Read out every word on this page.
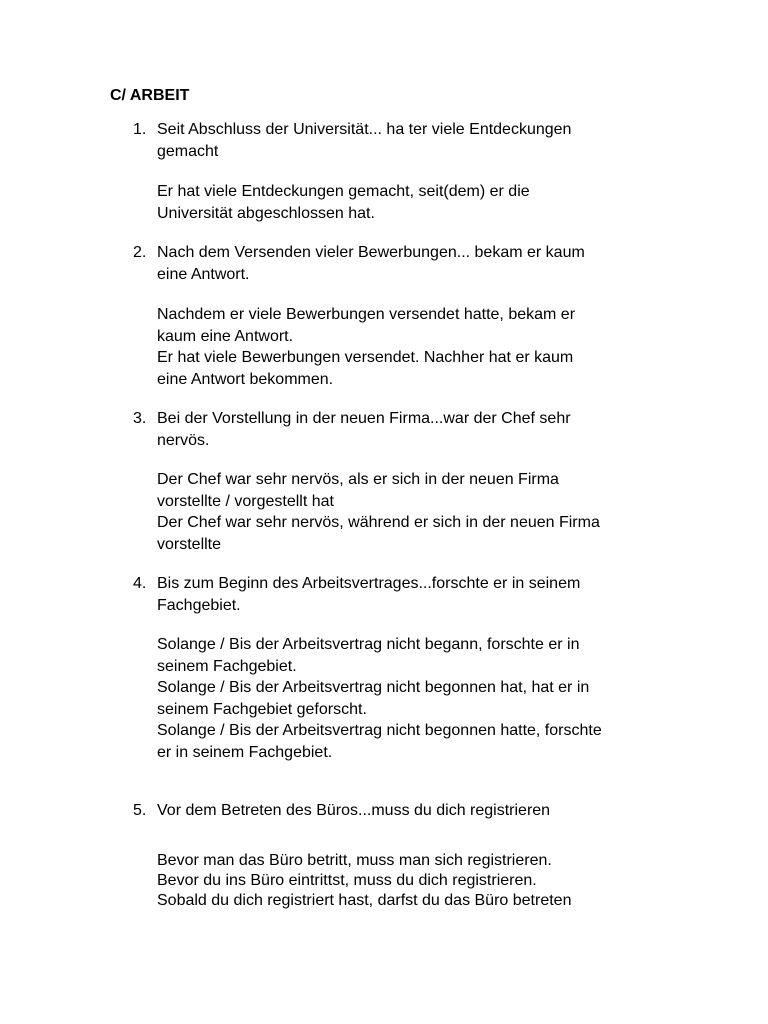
C/ ARBEIT
1. Seit Abschluss der Universität... ha ter viele Entdeckungen
gemacht
Er hat viele Entdeckungen gemacht, seit(dem) er die
Universität abgeschlossen hat.
2. Nach dem Versenden vieler Bewerbungen... bekam er kaum
eine Antwort.
Nachdem er viele Bewerbungen versendet hatte, bekam er
kaum eine Antwort.
Er hat viele Bewerbungen versendet. Nachher hat er kaum
eine Antwort bekommen.
3. Bei der Vorstellung in der neuen Firma...war der Chef sehr
nervös.
Der Chef war sehr nervös, als er sich in der neuen Firma
vorstellte / vorgestellt hat
Der Chef war sehr nervös, während er sich in der neuen Firma
vorstellte
4. Bis zum Beginn des Arbeitsvertrages...forschte er in seinem
Fachgebiet.
Solange / Bis der Arbeitsvertrag nicht begann, forschte er in
seinem Fachgebiet.
Solange / Bis der Arbeitsvertrag nicht begonnen hat, hat er in
seinem Fachgebiet geforscht.
Solange / Bis der Arbeitsvertrag nicht begonnen hatte, forschte
er in seinem Fachgebiet.
5. Vor dem Betreten des Büros...muss du dich registrieren
Bevor man das Büro betritt, muss man sich registrieren.
Bevor du ins Büro eintrittst, muss du dich registrieren.
Sobald du dich registriert hast, darfst du das Büro betreten
